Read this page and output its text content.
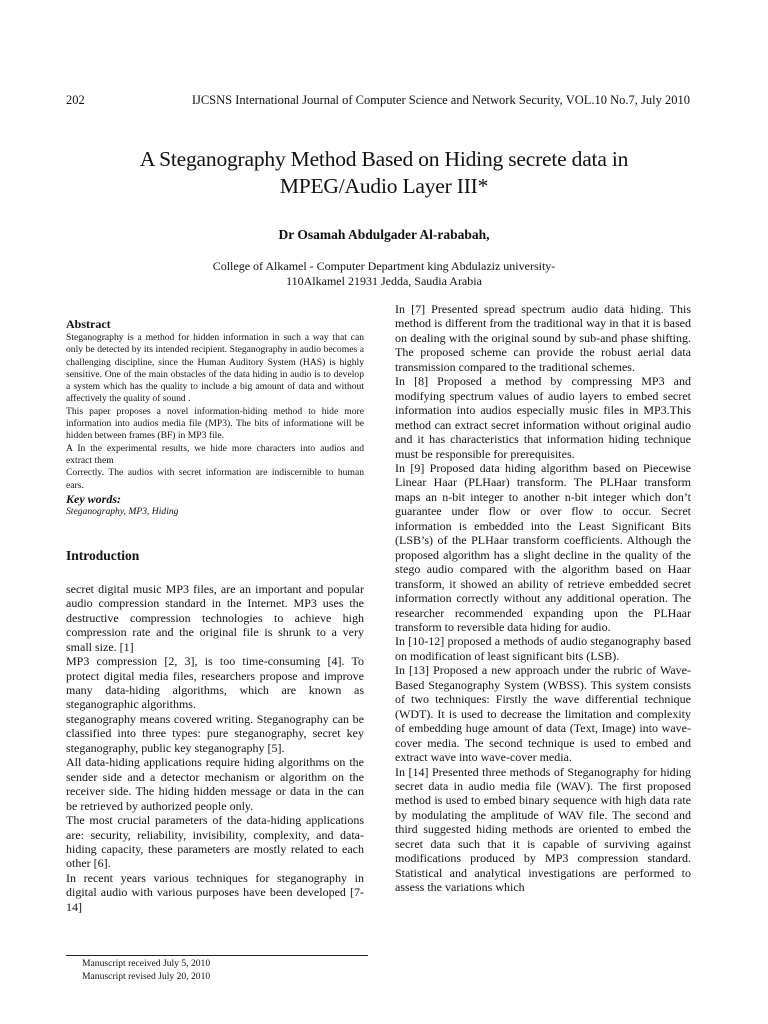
202	IJCSNS International Journal of Computer Science and Network Security, VOL.10 No.7, July 2010
A Steganography Method Based on Hiding secrete data in
MPEG/Audio Layer III*
Dr Osamah Abdulgader Al-rababah,
College of Alkamel - Computer Department king Abdulaziz university-
110Alkamel 21931 Jedda, Saudia Arabia
Abstract

Steganography is a method for hidden information in such a way that can only be detected by its intended recipient. Steganography in audio becomes a challenging discipline, since the Human Auditory System (HAS) is highly sensitive. One of the main obstacles of the data hiding in audio is to develop a system which has the quality to include a big amount of data and without affectively the quality of sound .

This paper proposes a novel information-hiding method to hide more information into audios media file (MP3). The bits of informatione will be hidden between frames (BF) in MP3 file.

A In the experimental results, we hide more characters into audios and extract them

Correctly. The audios with secret information are indiscernible to human ears.

Key words:
Steganography, MP3, Hiding
Introduction

secret digital music MP3 files, are an important and popular audio compression standard in the Internet. MP3 uses the destructive compression technologies to achieve high compression rate and the original file is shrunk to a very small size. [1]

MP3 compression [2, 3], is too time-consuming [4]. To protect digital media files, researchers propose and improve many data-hiding algorithms, which are known as steganographic algorithms.

steganography means covered writing. Steganography can be classified into three types: pure steganography, secret key steganography, public key steganography [5].

All data-hiding applications require hiding algorithms on the sender side and a detector mechanism or algorithm on the receiver side. The hiding hidden message or data in the can be retrieved by authorized people only.

The most crucial parameters of the data-hiding applications are: security, reliability, invisibility, complexity, and data-hiding capacity, these parameters are mostly related to each other [6].

In recent years various techniques for steganography in digital audio with various purposes have been developed [7-14]

In [7] Presented spread spectrum audio data hiding. This method is different from the traditional way in that it is based on dealing with the original sound by sub-and phase shifting. The proposed scheme can provide the robust aerial data transmission compared to the traditional schemes.

In [8] Proposed a method by compressing MP3 and modifying spectrum values of audio layers to embed secret information into audios especially music files in MP3.This method can extract secret information without original audio and it has characteristics that information hiding technique must be responsible for prerequisites.

In [9] Proposed data hiding algorithm based on Piecewise Linear Haar (PLHaar) transform. The PLHaar transform maps an n-bit integer to another n-bit integer which don’t guarantee under flow or over flow to occur. Secret information is embedded into the Least Significant Bits (LSB’s) of the PLHaar transform coefficients. Although the proposed algorithm has a slight decline in the quality of the stego audio compared with the algorithm based on Haar transform, it showed an ability of retrieve embedded secret information correctly without any additional operation. The researcher recommended expanding upon the PLHaar transform to reversible data hiding for audio.

In [10-12] proposed a methods of audio steganography based on modification of least significant bits (LSB).

In [13] Proposed a new approach under the rubric of Wave-Based Steganography System (WBSS). This system consists of two techniques: Firstly the wave differential technique (WDT). It is used to decrease the limitation and complexity of embedding huge amount of data (Text, Image) into wave-cover media. The second technique is used to embed and extract wave into wave-cover media.

In [14] Presented three methods of Steganography for hiding secret data in audio media file (WAV). The first proposed method is used to embed binary sequence with high data rate by modulating the amplitude of WAV file. The second and third suggested hiding methods are oriented to embed the secret data such that it is capable of surviving against modifications produced by MP3 compression standard. Statistical and analytical investigations are performed to assess the variations which

Manuscript received July 5, 2010
Manuscript revised July 20, 2010
